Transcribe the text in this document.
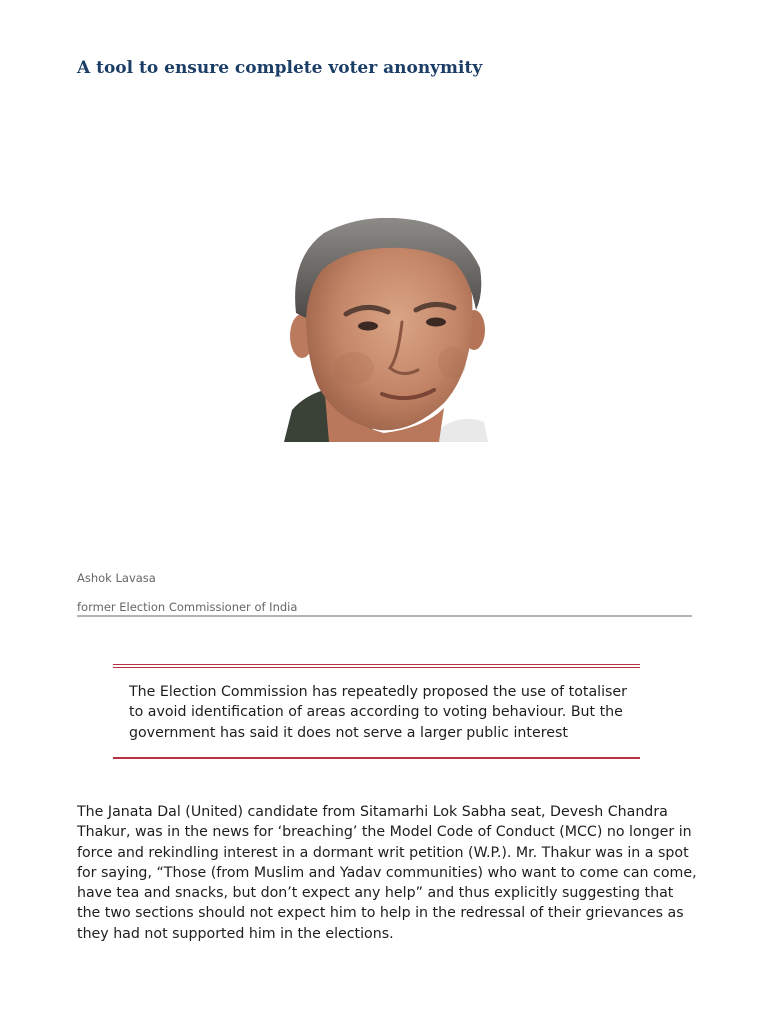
A tool to ensure complete voter anonymity
Ashok Lavasa
former Election Commissioner of India

The Election Commission has repeatedly proposed the use of totaliser to avoid identification of areas according to voting behaviour. But the government has said it does not serve a larger public interest

The Janata Dal (United) candidate from Sitamarhi Lok Sabha seat, Devesh Chandra Thakur, was in the news for ‘breaching’ the Model Code of Conduct (MCC) no longer in force and rekindling interest in a dormant writ petition (W.P.). Mr. Thakur was in a spot for saying, “Those (from Muslim and Yadav communities) who want to come can come, have tea and snacks, but don’t expect any help” and thus explicitly suggesting that the two sections should not expect him to help in the redressal of their grievances as they had not supported him in the elections.
